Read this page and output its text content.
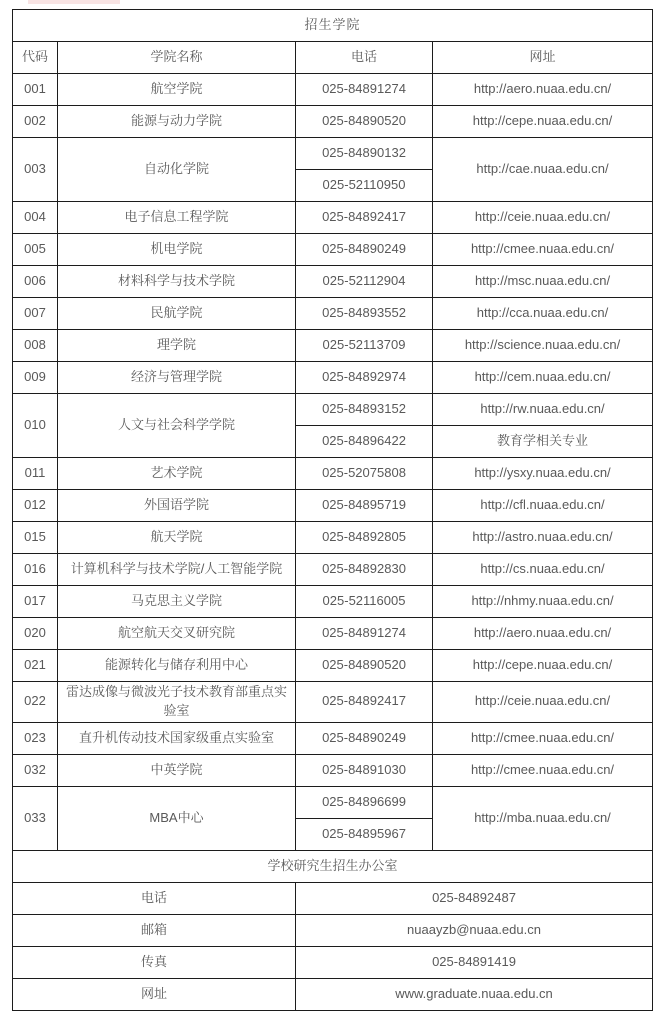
招生学院			
代码	学院名称	电话	网址
001	航空学院	025-84891274	http://aero.nuaa.edu.cn/
002	能源与动力学院	025-84890520	http://cepe.nuaa.edu.cn/
003	自动化学院	025-84890132	http://cae.nuaa.edu.cn/
		025-52110950	
004	电子信息工程学院	025-84892417	http://ceie.nuaa.edu.cn/
005	机电学院	025-84890249	http://cmee.nuaa.edu.cn/
006	材料科学与技术学院	025-52112904	http://msc.nuaa.edu.cn/
007	民航学院	025-84893552	http://cca.nuaa.edu.cn/
008	理学院	025-52113709	http://science.nuaa.edu.cn/
009	经济与管理学院	025-84892974	http://cem.nuaa.edu.cn/
010	人文与社会科学学院	025-84893152	http://rw.nuaa.edu.cn/
		025-84896422	教育学相关专业
011	艺术学院	025-52075808	http://ysxy.nuaa.edu.cn/
012	外国语学院	025-84895719	http://cfl.nuaa.edu.cn/
015	航天学院	025-84892805	http://astro.nuaa.edu.cn/
016	计算机科学与技术学院/人工智能学院	025-84892830	http://cs.nuaa.edu.cn/
017	马克思主义学院	025-52116005	http://nhmy.nuaa.edu.cn/
020	航空航天交叉研究院	025-84891274	http://aero.nuaa.edu.cn/
021	能源转化与储存利用中心	025-84890520	http://cepe.nuaa.edu.cn/
022	雷达成像与微波光子技术教育部重点实验室	025-84892417	http://ceie.nuaa.edu.cn/
023	直升机传动技术国家级重点实验室	025-84890249	http://cmee.nuaa.edu.cn/
032	中英学院	025-84891030	http://cmee.nuaa.edu.cn/
033	MBA中心	025-84896699	http://mba.nuaa.edu.cn/
		025-84895967	
学校研究生招生办公室			
电话		025-84892487	
邮箱		nuaayzb@nuaa.edu.cn	
传真		025-84891419	
网址		www.graduate.nuaa.edu.cn	
